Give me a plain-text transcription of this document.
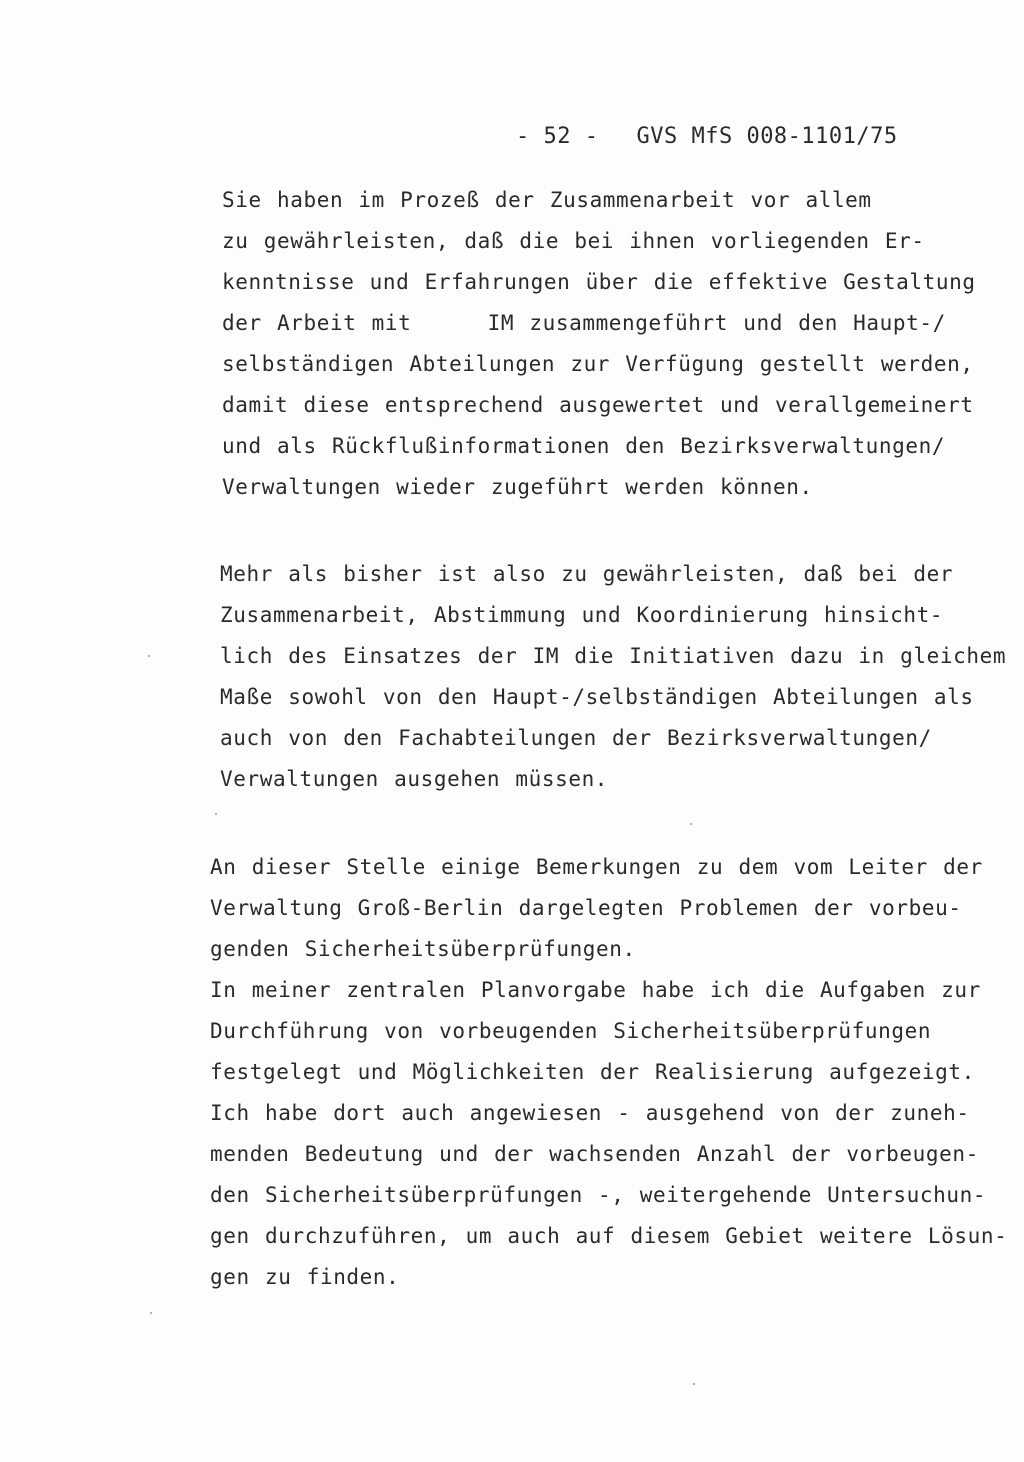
- 52 - GVS MfS 008-1101/75
Sie haben im Prozeß der Zusammenarbeit vor allem
zu gewährleisten, daß die bei ihnen vorliegenden Er-
kenntnisse und Erfahrungen über die effektive Gestaltung
der Arbeit mit     IM zusammengeführt und den Haupt-/
selbständigen Abteilungen zur Verfügung gestellt werden,
damit diese entsprechend ausgewertet und verallgemeinert
und als Rückflußinformationen den Bezirksverwaltungen/
Verwaltungen wieder zugeführt werden können.
Mehr als bisher ist also zu gewährleisten, daß bei der
Zusammenarbeit, Abstimmung und Koordinierung hinsicht-
lich des Einsatzes der IM die Initiativen dazu in gleichem
Maße sowohl von den Haupt-/selbständigen Abteilungen als
auch von den Fachabteilungen der Bezirksverwaltungen/
Verwaltungen ausgehen müssen.
An dieser Stelle einige Bemerkungen zu dem vom Leiter der
Verwaltung Groß-Berlin dargelegten Problemen der vorbeu-
genden Sicherheitsüberprüfungen.
In meiner zentralen Planvorgabe habe ich die Aufgaben zur
Durchführung von vorbeugenden Sicherheitsüberprüfungen
festgelegt und Möglichkeiten der Realisierung aufgezeigt.
Ich habe dort auch angewiesen - ausgehend von der zuneh-
menden Bedeutung und der wachsenden Anzahl der vorbeugen-
den Sicherheitsüberprüfungen -, weitergehende Untersuchun-
gen durchzuführen, um auch auf diesem Gebiet weitere Lösun-
gen zu finden.
